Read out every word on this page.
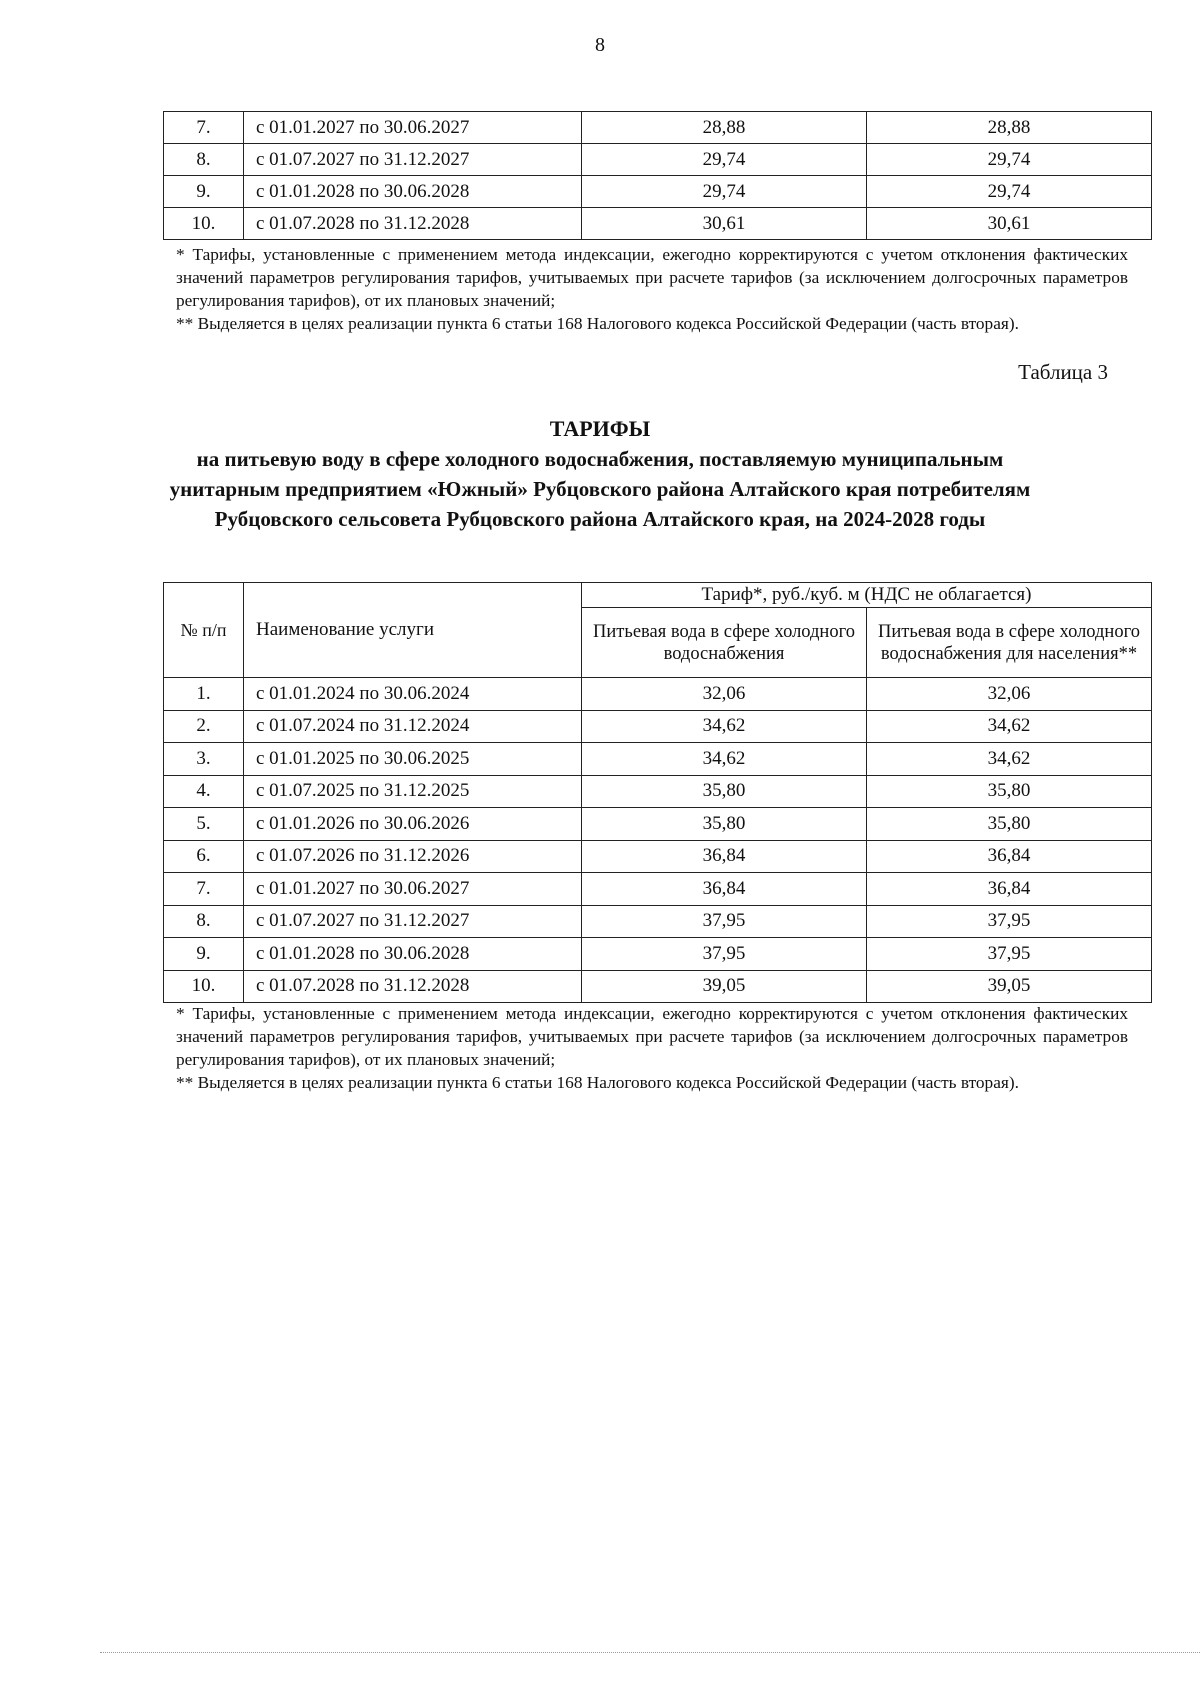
8
7.	с 01.01.2027 по 30.06.2027	28,88	28,88
8.	с 01.07.2027 по 31.12.2027	29,74	29,74
9.	с 01.01.2028 по 30.06.2028	29,74	29,74
10.	с 01.07.2028 по 31.12.2028	30,61	30,61
* Тарифы, установленные с применением метода индексации, ежегодно корректируются с учетом отклонения фактических значений параметров регулирования тарифов, учитываемых при расчете тарифов (за исключением долгосрочных параметров регулирования тарифов), от их плановых значений;
** Выделяется в целях реализации пункта 6 статьи 168 Налогового кодекса Российской Федерации (часть вторая).
Таблица 3
ТАРИФЫ
на питьевую воду в сфере холодного водоснабжения, поставляемую муниципальным унитарным предприятием «Южный» Рубцовского района Алтайского края потребителям Рубцовского сельсовета Рубцовского района Алтайского края, на 2024-2028 годы
№ п/п	Наименование услуги	Тариф*, руб./куб. м (НДС не облагается)	
		Питьевая вода в сфере холодного водоснабжения	Питьевая вода в сфере холодного водоснабжения для населения**
1.	с 01.01.2024 по 30.06.2024	32,06	32,06
2.	с 01.07.2024 по 31.12.2024	34,62	34,62
3.	с 01.01.2025 по 30.06.2025	34,62	34,62
4.	с 01.07.2025 по 31.12.2025	35,80	35,80
5.	с 01.01.2026 по 30.06.2026	35,80	35,80
6.	с 01.07.2026 по 31.12.2026	36,84	36,84
7.	с 01.01.2027 по 30.06.2027	36,84	36,84
8.	с 01.07.2027 по 31.12.2027	37,95	37,95
9.	с 01.01.2028 по 30.06.2028	37,95	37,95
10.	с 01.07.2028 по 31.12.2028	39,05	39,05
* Тарифы, установленные с применением метода индексации, ежегодно корректируются с учетом отклонения фактических значений параметров регулирования тарифов, учитываемых при расчете тарифов (за исключением долгосрочных параметров регулирования тарифов), от их плановых значений;
** Выделяется в целях реализации пункта 6 статьи 168 Налогового кодекса Российской Федерации (часть вторая).
